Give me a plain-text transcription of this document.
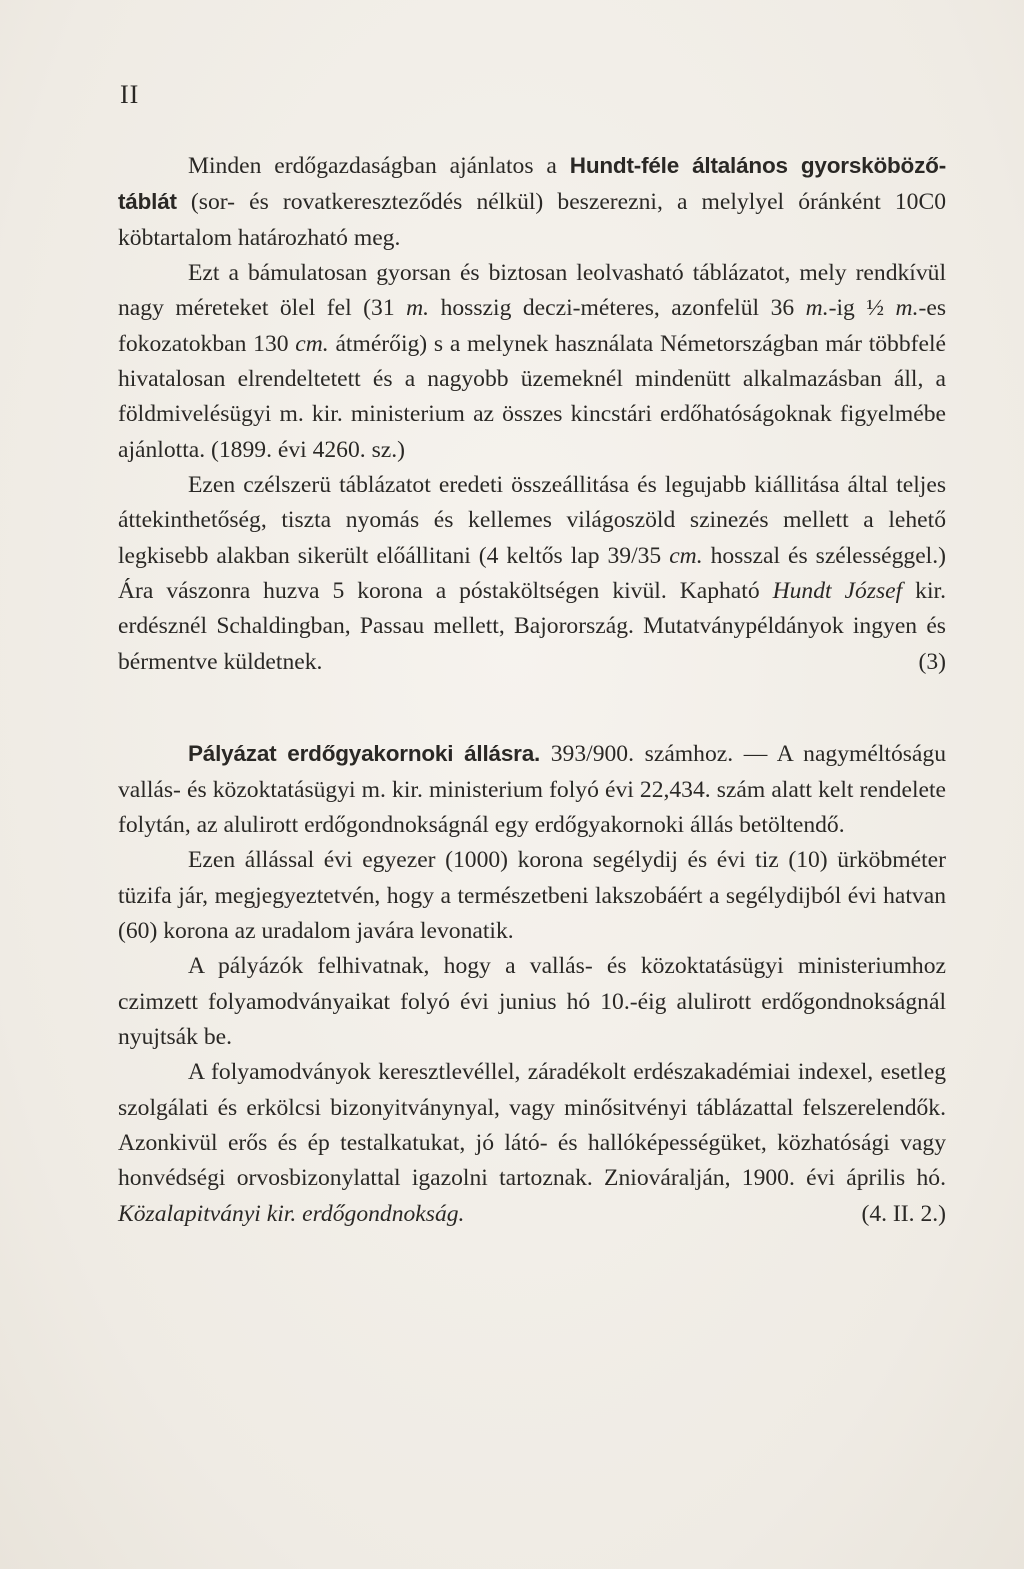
II

Minden erdőgazdaságban ajánlatos a Hundt-féle általános gyorsköböző-táblát (sor- és rovatkereszteződés nélkül) beszerezni, a melylyel óránként 10C0 köbtartalom határozható meg.

Ezt a bámulatosan gyorsan és biztosan leolvasható táblázatot, mely rendkívül nagy méreteket ölel fel (31 m. hosszig deczi-méteres, azonfelül 36 m.-ig ½ m.-es fokozatokban 130 cm. átmérőig) s a melynek használata Németországban már többfelé hivatalosan elrendeltetett és a nagyobb üzemeknél mindenütt alkalmazásban áll, a földmivelésügyi m. kir. ministerium az összes kincstári erdőhatóságoknak figyelmébe ajánlotta. (1899. évi 4260. sz.)

Ezen czélszerü táblázatot eredeti összeállitása és legujabb kiállitása által teljes áttekinthetőség, tiszta nyomás és kellemes világoszöld szinezés mellett a lehető legkisebb alakban sikerült előállitani (4 keltős lap 39/35 cm. hosszal és szélességgel.) Ára vászonra huzva 5 korona a póstaköltségen kivül. Kapható Hundt József kir. erdésznél Schaldingban, Passau mellett, Bajorország. Mutatványpéldányok ingyen és bérmentve küldetnek.	(3)

Pályázat erdőgyakornoki állásra. 393/900. számhoz. — A nagyméltóságu vallás- és közoktatásügyi m. kir. ministerium folyó évi 22,434. szám alatt kelt rendelete folytán, az alulirott erdőgondnokságnál egy erdőgyakornoki állás betöltendő.

Ezen állással évi egyezer (1000) korona segélydij és évi tiz (10) ürköbméter tüzifa jár, megjegyeztetvén, hogy a természetbeni lakszobáért a segélydijból évi hatvan (60) korona az uradalom javára levonatik.

A pályázók felhivatnak, hogy a vallás- és közoktatásügyi ministeriumhoz czimzett folyamodványaikat folyó évi junius hó 10.-éig alulirott erdőgondnokságnál nyujtsák be.

A folyamodványok keresztlevéllel, záradékolt erdészakadémiai indexel, esetleg szolgálati és erkölcsi bizonyitványnyal, vagy minősitvényi táblázattal felszerelendők. Azonkivül erős és ép testalkatukat, jó látó- és hallóképességüket, közhatósági vagy honvédségi orvosbizonylattal igazolni tartoznak. Zniováralján, 1900. évi április hó. Közalapitványi kir. erdőgondnokság.	(4. II. 2.)
